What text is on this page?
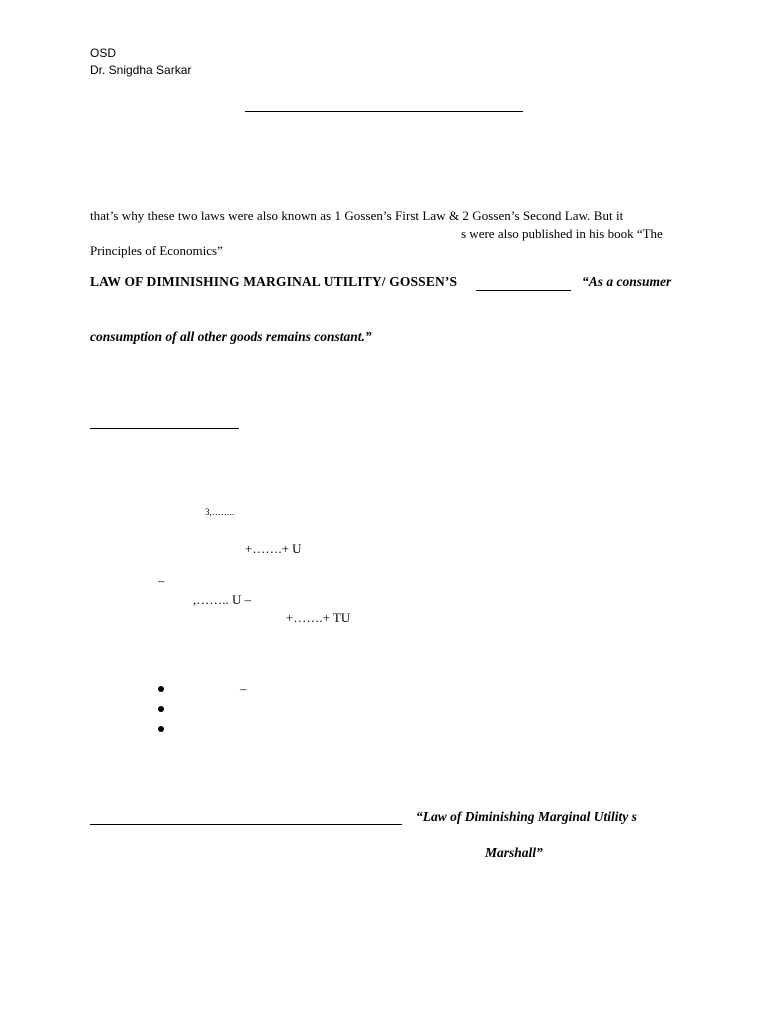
OSD
Dr. Snigdha Sarkar
that’s why these two laws were also known as 1 Gossen’s First Law & 2 Gossen’s Second Law. But it
s were also published in his book “The
Principles of Economics”
LAW OF DIMINISHING MARGINAL UTILITY/ GOSSEN’S	“As a consumer
consumption of all other goods remains constant.”
3,……..
+…….+ U
–
,…….. U –
+…….+ TU
–
“Law of Diminishing Marginal Utility s
Marshall”
